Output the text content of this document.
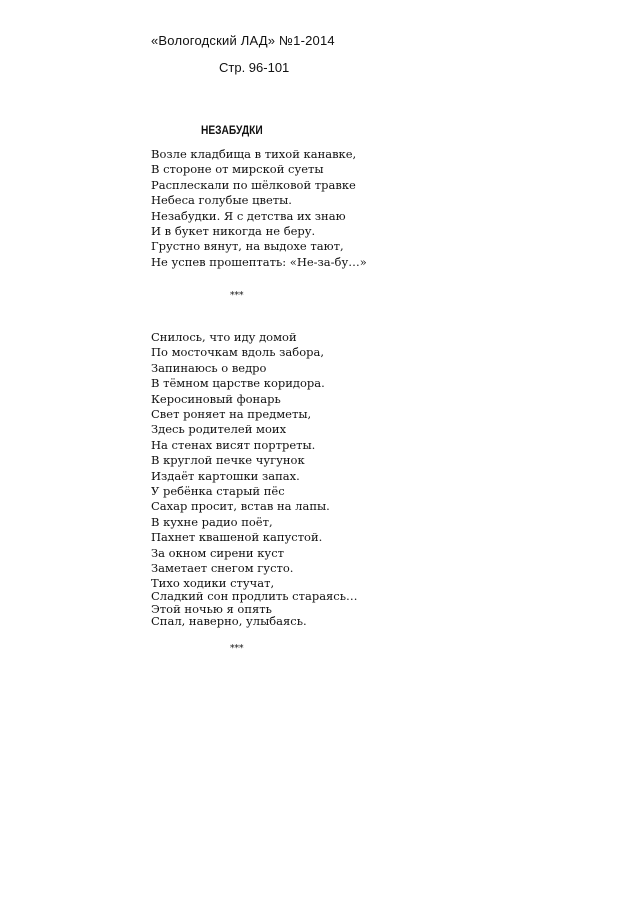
«Вологодский ЛАД» №1-2014
Стр. 96-101
НЕЗАБУДКИ
Возле кладбища в тихой канавке,
В стороне от мирской суеты
Расплескали по шёлковой травке
Небеса голубые цветы.
Незабудки. Я с детства их знаю
И в букет никогда не беру.
Грустно вянут, на выдохе тают,
Не успев прошептать: «Не-за-бу…»
***
Снилось, что иду домой
По мосточкам вдоль забора,
Запинаюсь о ведро
В тёмном царстве коридора.
Керосиновый фонарь
Свет роняет на предметы,
Здесь родителей моих
На стенах висят портреты.
В круглой печке чугунок
Издаёт картошки запах.
У ребёнка старый пёс
Сахар просит, встав на лапы.
В кухне радио поёт,
Пахнет квашеной капустой.
За окном сирени куст
Заметает снегом густо.
Тихо ходики стучат,
Сладкий сон продлить стараясь…
Этой ночью я опять
Спал, наверно, улыбаясь.
***
